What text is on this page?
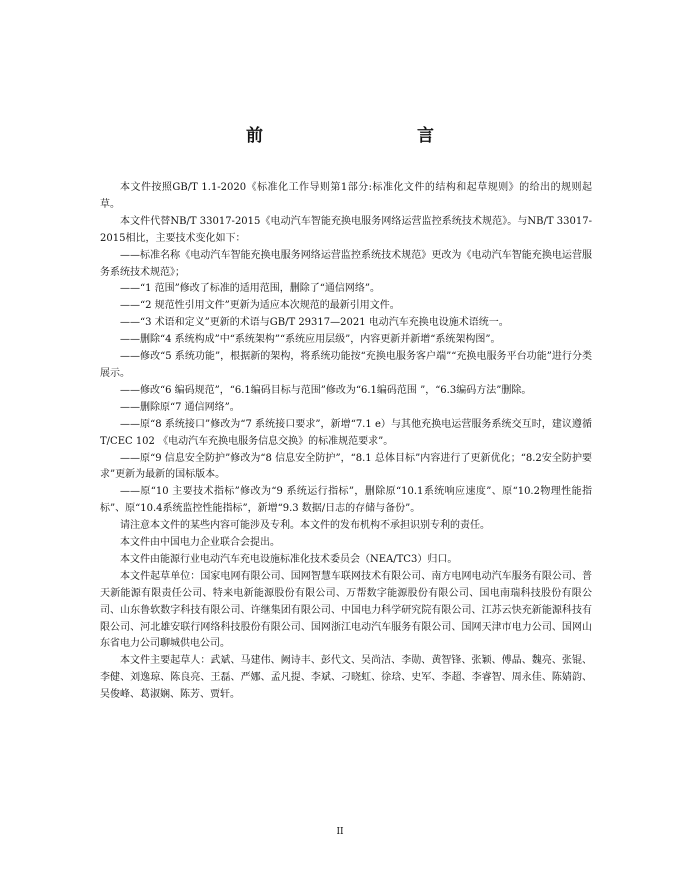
前　　言

本文件按照GB/T 1.1-2020《标准化工作导则第1部分:标准化文件的结构和起草规则》的给出的规则起草。

本文件代替NB/T 33017-2015《电动汽车智能充换电服务网络运营监控系统技术规范》。与NB/T 33017-2015相比，主要技术变化如下：

——标准名称《电动汽车智能充换电服务网络运营监控系统技术规范》更改为《电动汽车智能充换电运营服务系统技术规范》；

——“1 范围”修改了标准的适用范围，删除了“通信网络”。

——“2 规范性引用文件”更新为适应本次规范的最新引用文件。

——“3 术语和定义”更新的术语与GB/T 29317—2021 电动汽车充换电设施术语统一。

——删除“4 系统构成”中“系统架构”“系统应用层级”，内容更新并新增“系统架构图”。

——修改“5 系统功能”，根据新的架构，将系统功能按“充换电服务客户端”“充换电服务平台功能”进行分类展示。

——修改“6 编码规范”，“6.1编码目标与范围”修改为“6.1编码范围 ”，“6.3编码方法”删除。

——删除原“7 通信网络”。

——原“8 系统接口”修改为“7 系统接口要求”，新增“7.1 e）与其他充换电运营服务系统交互时，建议遵循T/CEC 102 《电动汽车充换电服务信息交换》的标准规范要求”。

——原“9 信息安全防护”修改为“8 信息安全防护”，“8.1 总体目标”内容进行了更新优化；“8.2安全防护要求”更新为最新的国标版本。

——原“10 主要技术指标”修改为“9 系统运行指标”，删除原“10.1系统响应速度”、原“10.2物理性能指标”、原“10.4系统监控性能指标”，新增“9.3 数据/日志的存储与备份”。

请注意本文件的某些内容可能涉及专利。本文件的发布机构不承担识别专利的责任。

本文件由中国电力企业联合会提出。

本文件由能源行业电动汽车充电设施标准化技术委员会（NEA/TC3）归口。

本文件起草单位：国家电网有限公司、国网智慧车联网技术有限公司、南方电网电动汽车服务有限公司、普天新能源有限责任公司、特来电新能源股份有限公司、万帮数字能源股份有限公司、国电南瑞科技股份有限公司、山东鲁软数字科技有限公司、许继集团有限公司、中国电力科学研究院有限公司、江苏云快充新能源科技有限公司、河北雄安联行网络科技股份有限公司、国网浙江电动汽车服务有限公司、国网天津市电力公司、国网山东省电力公司聊城供电公司。

本文件主要起草人：武斌、马建伟、阙诗丰、彭代文、吴尚洁、李勋、黄智锋、张颖、傅晶、魏亮、张锟、李健、刘逸琼、陈良亮、王磊、严娜、孟凡提、李斌、刁晓虹、徐琀、史军、李超、李睿智、周永佳、陈婧韵、吴俊峰、葛淑娴、陈芳、贾轩。

II
